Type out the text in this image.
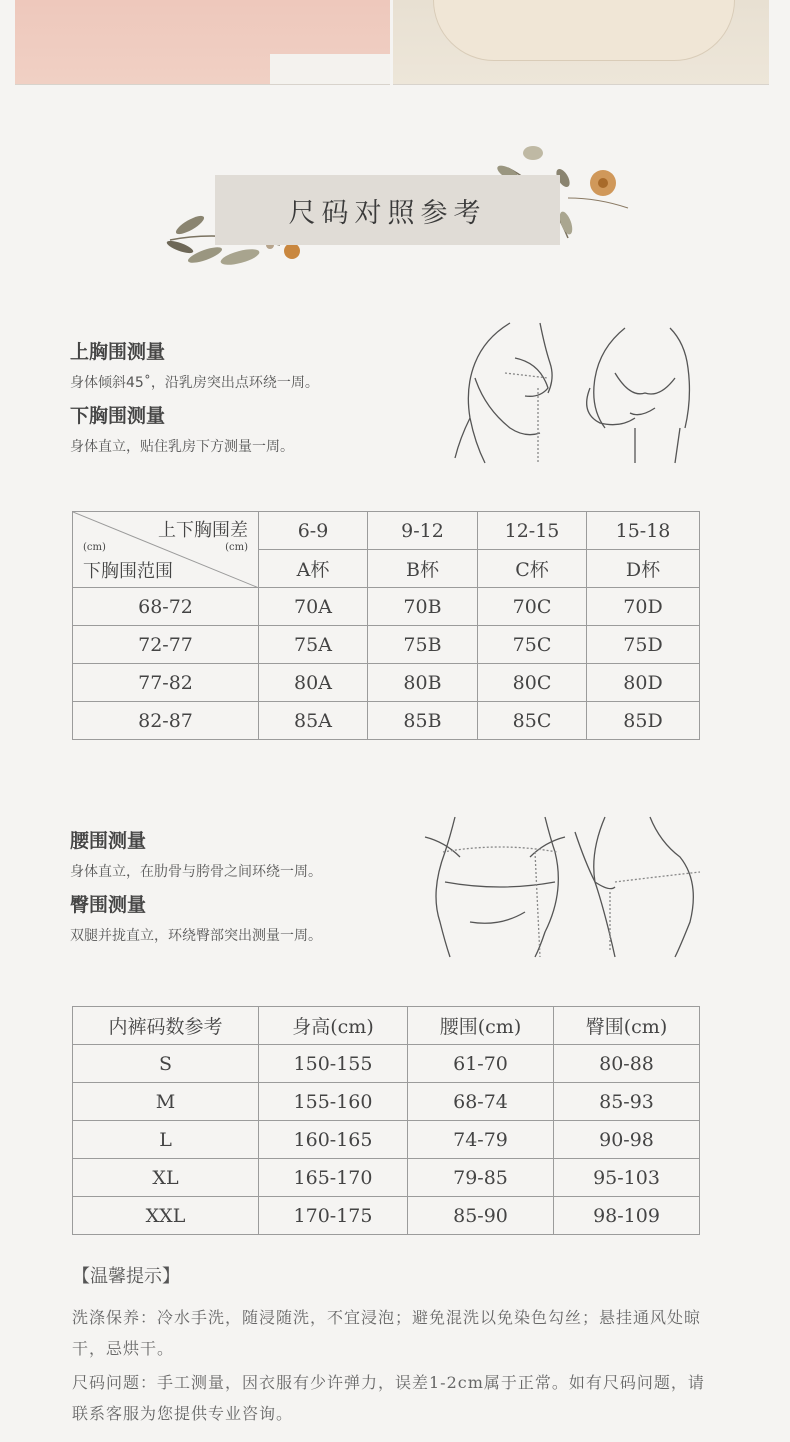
尺码对照参考
上胸围测量
身体倾斜45˚，沿乳房突出点环绕一周。
下胸围测量
身体直立，贴住乳房下方测量一周。
上下胸围差
(cm) (cm)
下胸围范围	6-9	9-12	12-15	15-18
	A杯	B杯	C杯	D杯
68-72	70A	70B	70C	70D
72-77	75A	75B	75C	75D
77-82	80A	80B	80C	80D
82-87	85A	85B	85C	85D
腰围测量
身体直立，在肋骨与胯骨之间环绕一周。
臀围测量
双腿并拢直立，环绕臀部突出测量一周。
内裤码数参考	身高(cm)	腰围(cm)	臀围(cm)
S	150-155	61-70	80-88
M	155-160	68-74	85-93
L	160-165	74-79	90-98
XL	165-170	79-85	95-103
XXL	170-175	85-90	98-109
【温馨提示】

洗涤保养：冷水手洗，随浸随洗，不宜浸泡；避免混洗以免染色勾丝；悬挂通风处晾干，忌烘干。

尺码问题：手工测量，因衣服有少许弹力，误差1-2cm属于正常。如有尺码问题，请联系客服为您提供专业咨询。
